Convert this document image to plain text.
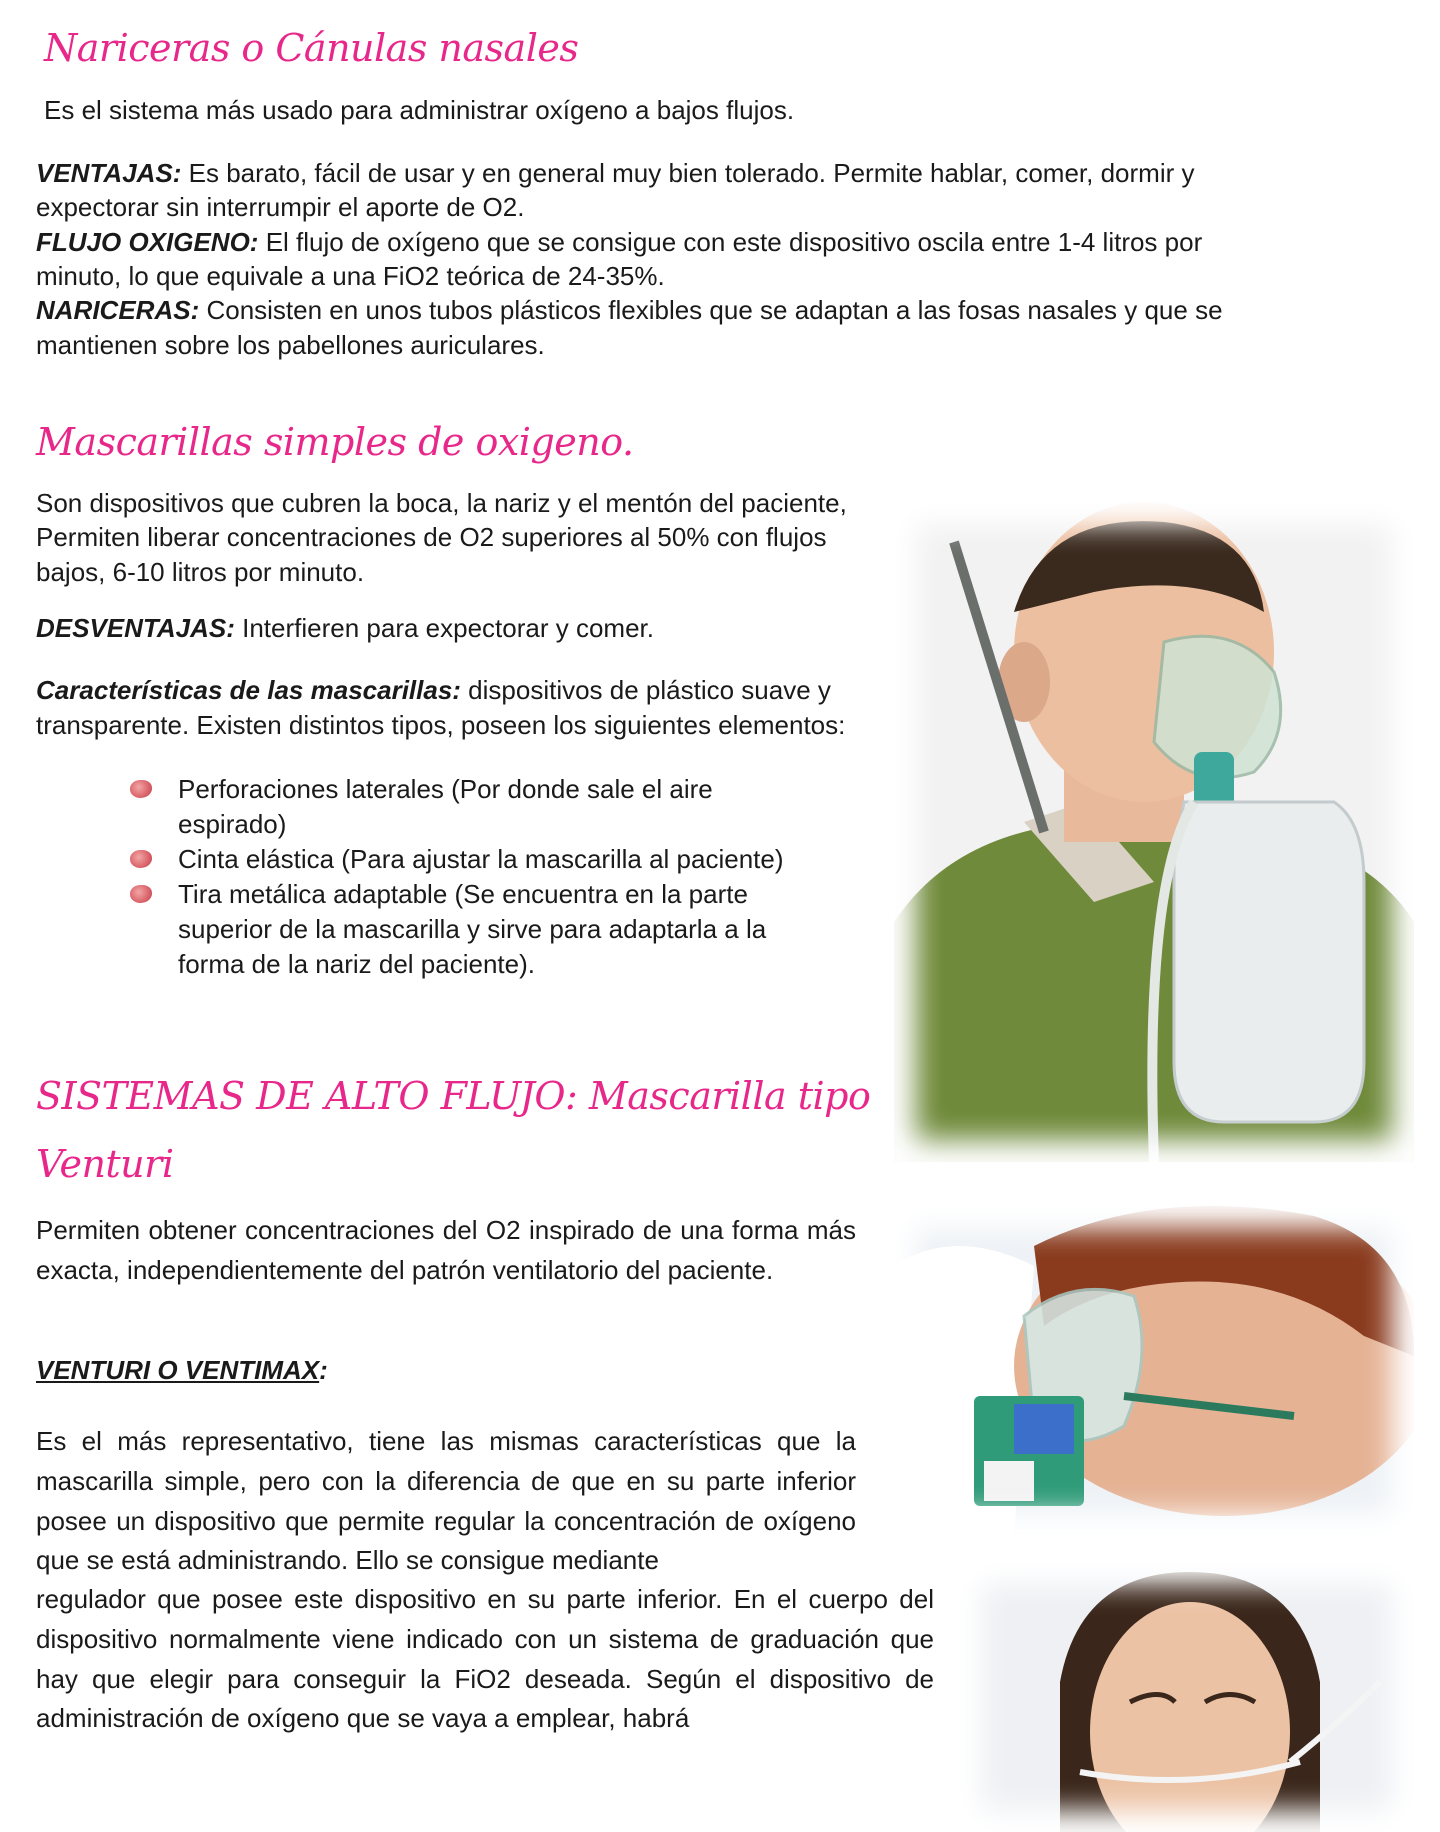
Nariceras o Cánulas nasales

Es el sistema más usado para administrar oxígeno a bajos flujos.

VENTAJAS: Es barato, fácil de usar y en general muy bien tolerado. Permite hablar, comer, dormir y expectorar sin interrumpir el aporte de O2.

FLUJO OXIGENO: El flujo de oxígeno que se consigue con este dispositivo oscila entre 1-4 litros por minuto, lo que equivale a una FiO2 teórica de 24-35%.

NARICERAS: Consisten en unos tubos plásticos flexibles que se adaptan a las fosas nasales y que se mantienen sobre los pabellones auriculares.

Mascarillas simples de oxigeno.

Son dispositivos que cubren la boca, la nariz y el mentón del paciente, Permiten liberar concentraciones de O2 superiores al 50% con flujos bajos, 6-10 litros por minuto.

DESVENTAJAS: Interfieren para expectorar y comer.

Características de las mascarillas: dispositivos de plástico suave y transparente. Existen distintos tipos, poseen los siguientes elementos:

Perforaciones laterales (Por donde sale el aire espirado)
Cinta elástica (Para ajustar la mascarilla al paciente)
Tira metálica adaptable (Se encuentra en la parte superior de la mascarilla y sirve para adaptarla a la forma de la nariz del paciente).
SISTEMAS DE ALTO FLUJO: Mascarilla tipo
Venturi

Permiten obtener concentraciones del O2 inspirado de una forma más exacta, independientemente del patrón ventilatorio del paciente.

VENTURI O VENTIMAX:

Es el más representativo, tiene las mismas características que la mascarilla simple, pero con la diferencia de que en su parte inferior posee un dispositivo que permite regular la concentración de oxígeno que se está administrando. Ello se consigue mediante

regulador que posee este dispositivo en su parte inferior. En el cuerpo del dispositivo normalmente viene indicado con un sistema de graduación que hay que elegir para conseguir la FiO2 deseada. Según el dispositivo de administración de oxígeno que se vaya a emplear, habrá
